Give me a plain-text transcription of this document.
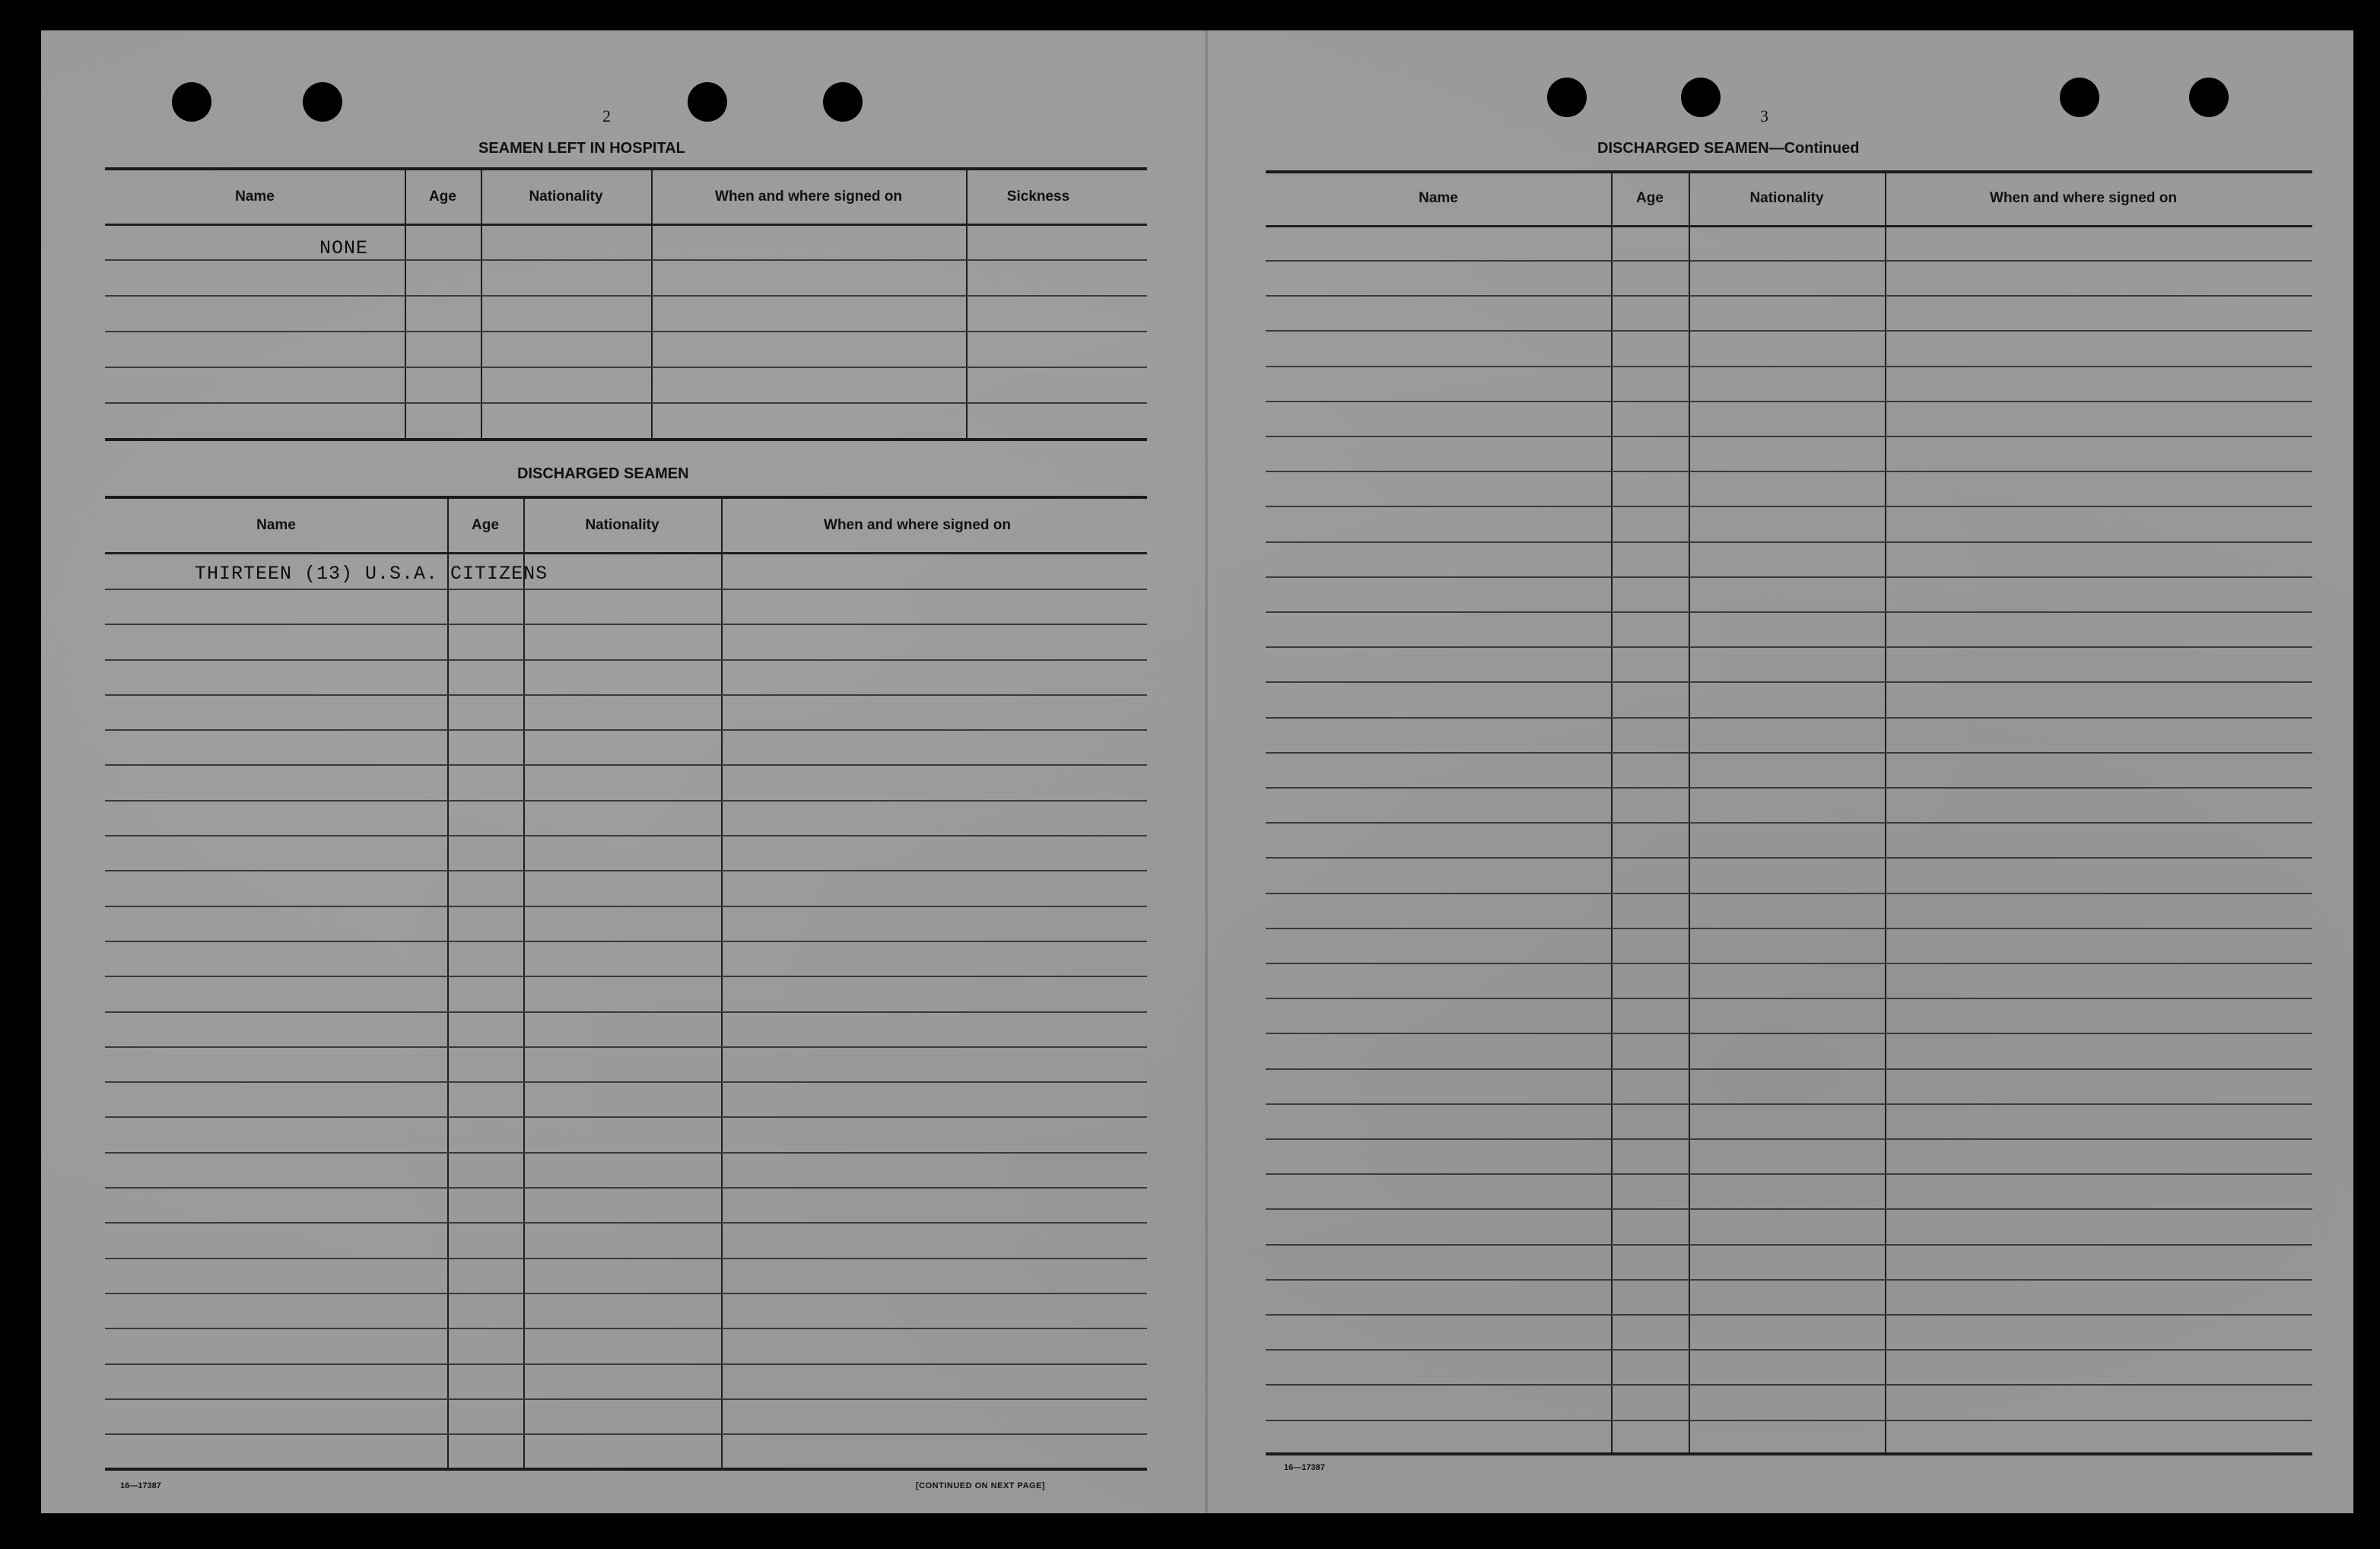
2
SEAMEN LEFT IN HOSPITAL
Name	Age	Nationality	When and where signed on	Sickness
NONE
DISCHARGED SEAMEN
Name	Age	Nationality	When and where signed on
THIRTEEN (13) U.S.A. CITIZENS
16—17387	[CONTINUED ON NEXT PAGE]
3
DISCHARGED SEAMEN—Continued
Name	Age	Nationality	When and where signed on
16—17387
